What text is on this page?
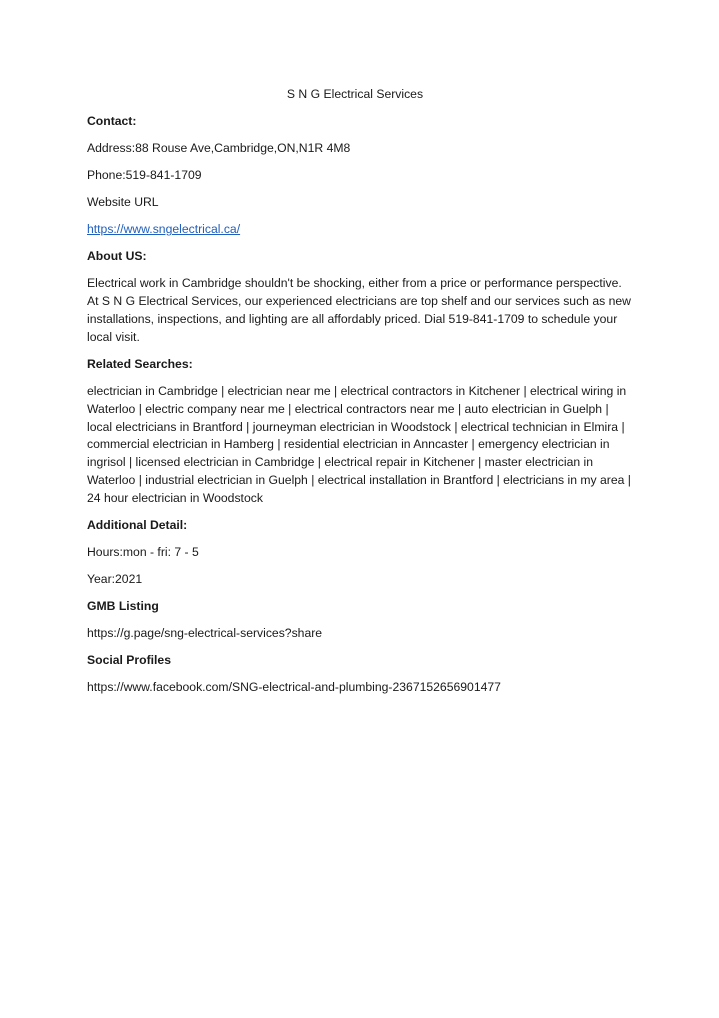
S N G Electrical Services
Contact:
Address:88 Rouse Ave,Cambridge,ON,N1R 4M8
Phone:519-841-1709
Website URL
https://www.sngelectrical.ca/
About US:
Electrical work in Cambridge shouldn't be shocking, either from a price or performance perspective. At S N G Electrical Services, our experienced electricians are top shelf and our services such as new installations, inspections, and lighting are all affordably priced. Dial 519-841-1709 to schedule your local visit.
Related Searches:
electrician in Cambridge | electrician near me | electrical contractors in Kitchener | electrical wiring in Waterloo | electric company near me | electrical contractors near me | auto electrician in Guelph | local electricians in Brantford | journeyman electrician in Woodstock | electrical technician in Elmira | commercial electrician in Hamberg | residential electrician in Anncaster | emergency electrician in ingrisol | licensed electrician in Cambridge | electrical repair in Kitchener | master electrician in Waterloo | industrial electrician in Guelph | electrical installation in Brantford | electricians in my area | 24 hour electrician in Woodstock
Additional Detail:
Hours:mon - fri: 7 - 5
Year:2021
GMB Listing
https://g.page/sng-electrical-services?share
Social Profiles
https://www.facebook.com/SNG-electrical-and-plumbing-2367152656901477
